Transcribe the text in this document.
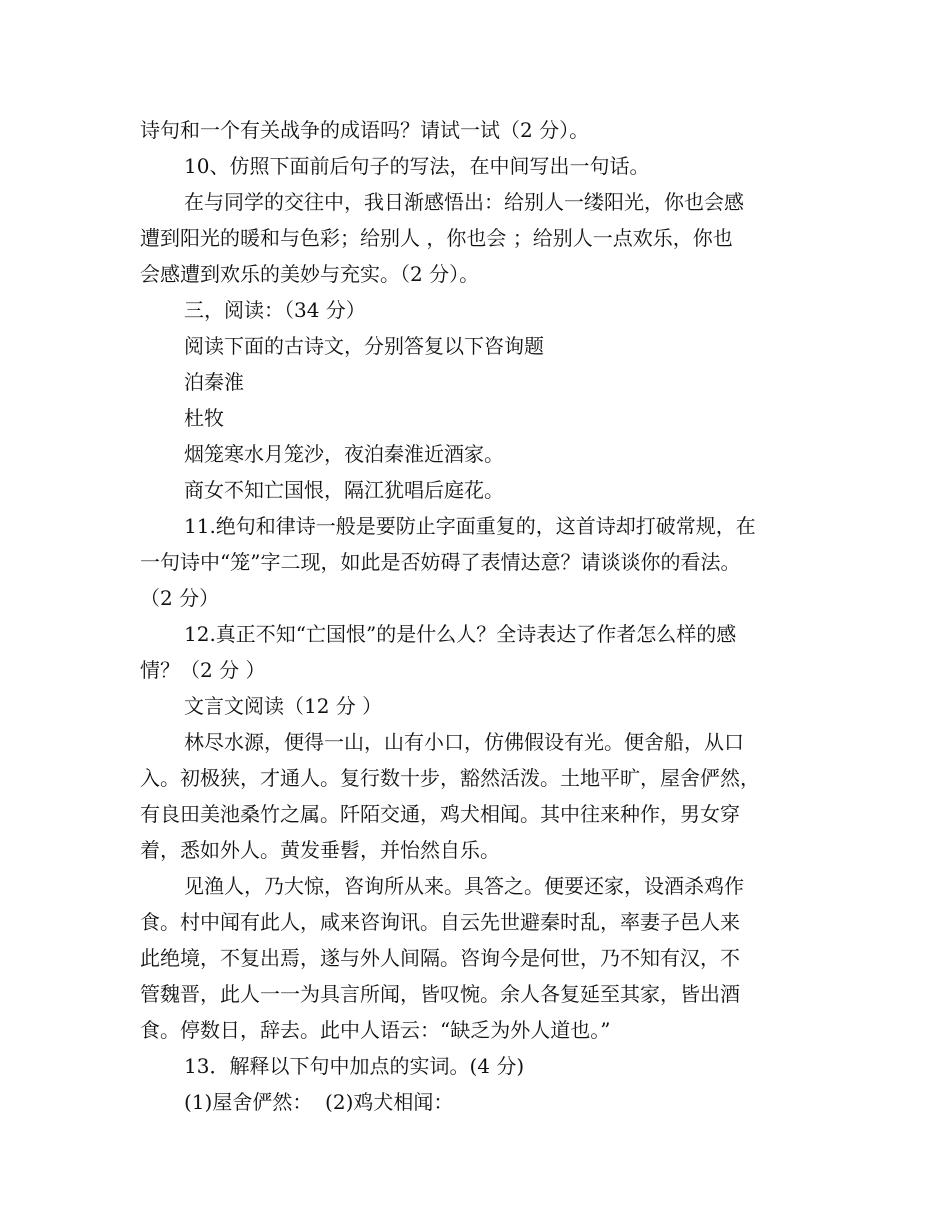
诗句和一个有关战争的成语吗？请试一试（2 分）。
10、仿照下面前后句子的写法，在中间写出一句话。
在与同学的交往中，我日渐感悟出：给别人一缕阳光，你也会感
遭到阳光的暖和与色彩；给别人 ，你也会 ；给别人一点欢乐，你也
会感遭到欢乐的美妙与充实。（2 分）。
三，阅读：（34 分）
阅读下面的古诗文，分别答复以下咨询题
泊秦淮
杜牧
烟笼寒水月笼沙，夜泊秦淮近酒家。
商女不知亡国恨，隔江犹唱后庭花。
11.绝句和律诗一般是要防止字面重复的，这首诗却打破常规，在
一句诗中“笼”字二现，如此是否妨碍了表情达意？请谈谈你的看法。
（2 分）
12.真正不知“亡国恨”的是什么人？全诗表达了作者怎么样的感
情？（2 分 ）
文言文阅读（12 分 ）
林尽水源，便得一山，山有小口，仿佛假设有光。便舍船，从口
入。初极狭，才通人。复行数十步，豁然活泼。土地平旷，屋舍俨然，
有良田美池桑竹之属。阡陌交通，鸡犬相闻。其中往来种作，男女穿
着，悉如外人。黄发垂髫，并怡然自乐。
见渔人，乃大惊，咨询所从来。具答之。便要还家，设酒杀鸡作
食。村中闻有此人，咸来咨询讯。自云先世避秦时乱，率妻子邑人来
此绝境，不复出焉，遂与外人间隔。咨询今是何世，乃不知有汉，不
管魏晋，此人一一为具言所闻，皆叹惋。余人各复延至其家，皆出酒
食。停数日，辞去。此中人语云：“缺乏为外人道也。”
13．解释以下句中加点的实词。(4 分)
(1)屋舍俨然：  (2)鸡犬相闻：
